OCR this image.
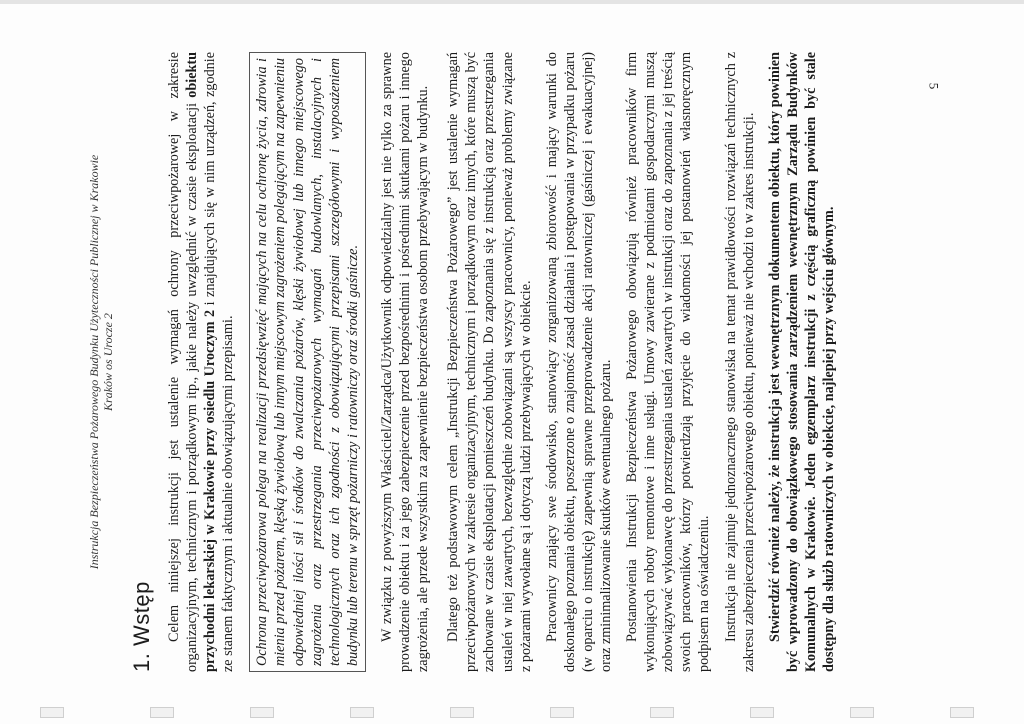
5
Instrukcja Bezpieczeństwa Pożarowego Budynku Użyteczności Publicznej w Krakowie Kraków os Urocze 2
1. Wstęp Celem niniejszej instrukcji jest ustalenie wymagań ochrony przeciwpożarowej w zakresie organizacyjnym, technicznym i porządkowym itp., jakie należy uwzględnić w czasie eksploatacji obiektu przychodni lekarskiej w Krakowie przy osiedlu Uroczym 2 i znajdujących się w nim urządzeń, zgodnie ze stanem faktycznym i aktualnie obowiązującymi przepisami.	Ochrona przeciwpożarowa polega na realizacji przedsięwzięć mających na celu ochronę życia, zdrowia i mienia przed pożarem, klęską żywiołową lub innym miejscowym zagrożeniem polegającym na zapewnieniu odpowiedniej ilości sił i środków do zwalczania pożarów, klęski żywiołowej lub innego miejscowego zagrożenia oraz przestrzegania przeciwpożarowych wymagań budowlanych, instalacyjnych i technologicznych oraz ich zgodności z obowiązującymi przepisami szczegółowymi i wyposażeniem budynku lub terenu w sprzęt pożarniczy i ratowniczy oraz środki gaśnicze.	W związku z powyższym Właściciel/Zarządca/Użytkownik odpowiedzialny jest nie tylko za sprawne prowadzenie obiektu i za jego zabezpieczenie przed bezpośrednimi i pośrednimi skutkami pożaru i innego zagrożenia, ale przede wszystkim za zapewnienie bezpieczeństwa osobom przebywającym w budynku. Dlatego też podstawowym celem „Instrukcji Bezpieczeństwa Pożarowego” jest ustalenie wymagań przeciwpożarowych w zakresie organizacyjnym, technicznym i porządkowym oraz innych, które muszą być zachowane w czasie eksploatacji pomieszczeń budynku. Do zapoznania się z instrukcją oraz przestrzegania ustaleń w niej zawartych, bezwzględnie zobowiązani są wszyscy pracownicy, ponieważ problemy związane z pożarami wywołane są i dotyczą ludzi przebywających w obiekcie. Pracownicy znający swe środowisko, stanowiący zorganizowaną zbiorowość i mający warunki do doskonałego poznania obiektu, poszerzone o znajomość zasad działania i postępowania w przypadku pożaru (w oparciu o instrukcję) zapewnią sprawne przeprowadzenie akcji ratowniczej (gaśniczej i ewakuacyjnej) oraz zminimalizowanie skutków ewentualnego pożaru. Postanowienia Instrukcji Bezpieczeństwa Pożarowego obowiązują również pracowników firm wykonujących roboty remontowe i inne usługi. Umowy zawierane z podmiotami gospodarczymi muszą zobowiązywać wykonawcę do przestrzegania ustaleń zawartych w instrukcji oraz do zapoznania z jej treścią swoich pracowników, którzy potwierdzają przyjęcie do wiadomości jej postanowień własnoręcznym podpisem na oświadczeniu. Instrukcja nie zajmuje jednoznacznego stanowiska na temat prawidłowości rozwiązań technicznych z zakresu zabezpieczenia przeciwpożarowego obiektu, ponieważ nie wchodzi to w zakres instrukcji. Stwierdzić również należy, że instrukcja jest wewnętrznym dokumentem obiektu, który powinien być wprowadzony do obowiązkowego stosowania zarządzeniem wewnętrznym Zarządu Budynków Komunalnych w Krakowie. Jeden egzemplarz instrukcji z częścią graficzną powinien być stale dostępny dla służb ratowniczych w obiekcie, najlepiej przy wejściu głównym.
